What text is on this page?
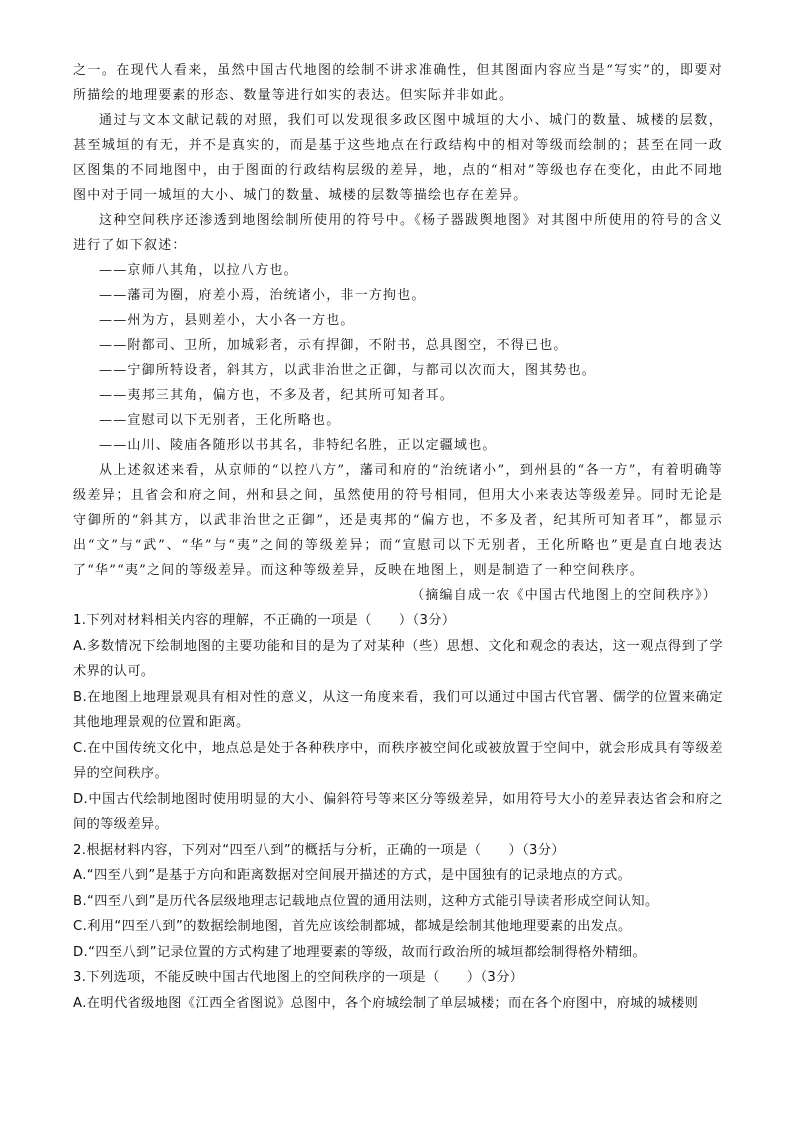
之一。在现代人看来，虽然中国古代地图的绘制不讲求准确性，但其图面内容应当是“写实”的，即要对所描绘的地理要素的形态、数量等进行如实的表达。但实际并非如此。

通过与文本文献记载的对照，我们可以发现很多政区图中城垣的大小、城门的数量、城楼的层数，甚至城垣的有无，并不是真实的，而是基于这些地点在行政结构中的相对等级而绘制的；甚至在同一政区图集的不同地图中，由于图面的行政结构层级的差异，地，点的“相对”等级也存在变化，由此不同地图中对于同一城垣的大小、城门的数量、城楼的层数等描绘也存在差异。

这种空间秩序还渗透到地图绘制所使用的符号中。《杨子器跋舆地图》对其图中所使用的符号的含义进行了如下叙述：

——京师八其角，以拉八方也。

——藩司为圈，府差小焉，治统诸小，非一方拘也。

——州为方，县则差小，大小各一方也。

——附都司、卫所，加城彩者，示有捍御，不附书，总具图空，不得已也。

——宁御所特设者，斜其方，以武非治世之正御，与都司以次而大，图其势也。

——夷邦三其角，偏方也，不多及者，纪其所可知者耳。

——宣慰司以下无别者，王化所略也。

——山川、陵庙各随形以书其名，非特纪名胜，正以定疆域也。

从上述叙述来看，从京师的“以控八方”，藩司和府的“治统诸小”，到州县的“各一方”，有着明确等级差异；且省会和府之间，州和县之间，虽然使用的符号相同，但用大小来表达等级差异。同时无论是守御所的“斜其方，以武非治世之正御”，还是夷邦的“偏方也，不多及者，纪其所可知者耳”，都显示出“文”与“武”、“华”与“夷”之间的等级差异；而“宣慰司以下无别者，王化所略也”更是直白地表达了“华”“夷”之间的等级差异。而这种等级差异，反映在地图上，则是制造了一种空间秩序。

（摘编自成一农《中国古代地图上的空间秩序》）

1.下列对材料相关内容的理解，不正确的一项是（　　）（3分）

A.多数情况下绘制地图的主要功能和目的是为了对某种（些）思想、文化和观念的表达，这一观点得到了学术界的认可。

B.在地图上地理景观具有相对性的意义，从这一角度来看，我们可以通过中国古代官署、儒学的位置来确定其他地理景观的位置和距离。

C.在中国传统文化中，地点总是处于各种秩序中，而秩序被空间化或被放置于空间中，就会形成具有等级差异的空间秩序。

D.中国古代绘制地图时使用明显的大小、偏斜符号等来区分等级差异，如用符号大小的差异表达省会和府之间的等级差异。

2.根据材料内容，下列对“四至八到”的概括与分析，正确的一项是（　　）（3分）

A.“四至八到”是基于方向和距离数据对空间展开描述的方式，是中国独有的记录地点的方式。

B.“四至八到”是历代各层级地理志记载地点位置的通用法则，这种方式能引导读者形成空间认知。

C.利用“四至八到”的数据绘制地图，首先应该绘制都城，都城是绘制其他地理要素的出发点。

D.“四至八到”记录位置的方式构建了地理要素的等级，故而行政治所的城垣都绘制得格外精细。

3.下列选项，不能反映中国古代地图上的空间秩序的一项是（　　）（3分）

A.在明代省级地图《江西全省图说》总图中，各个府城绘制了单层城楼；而在各个府图中，府城的城楼则
